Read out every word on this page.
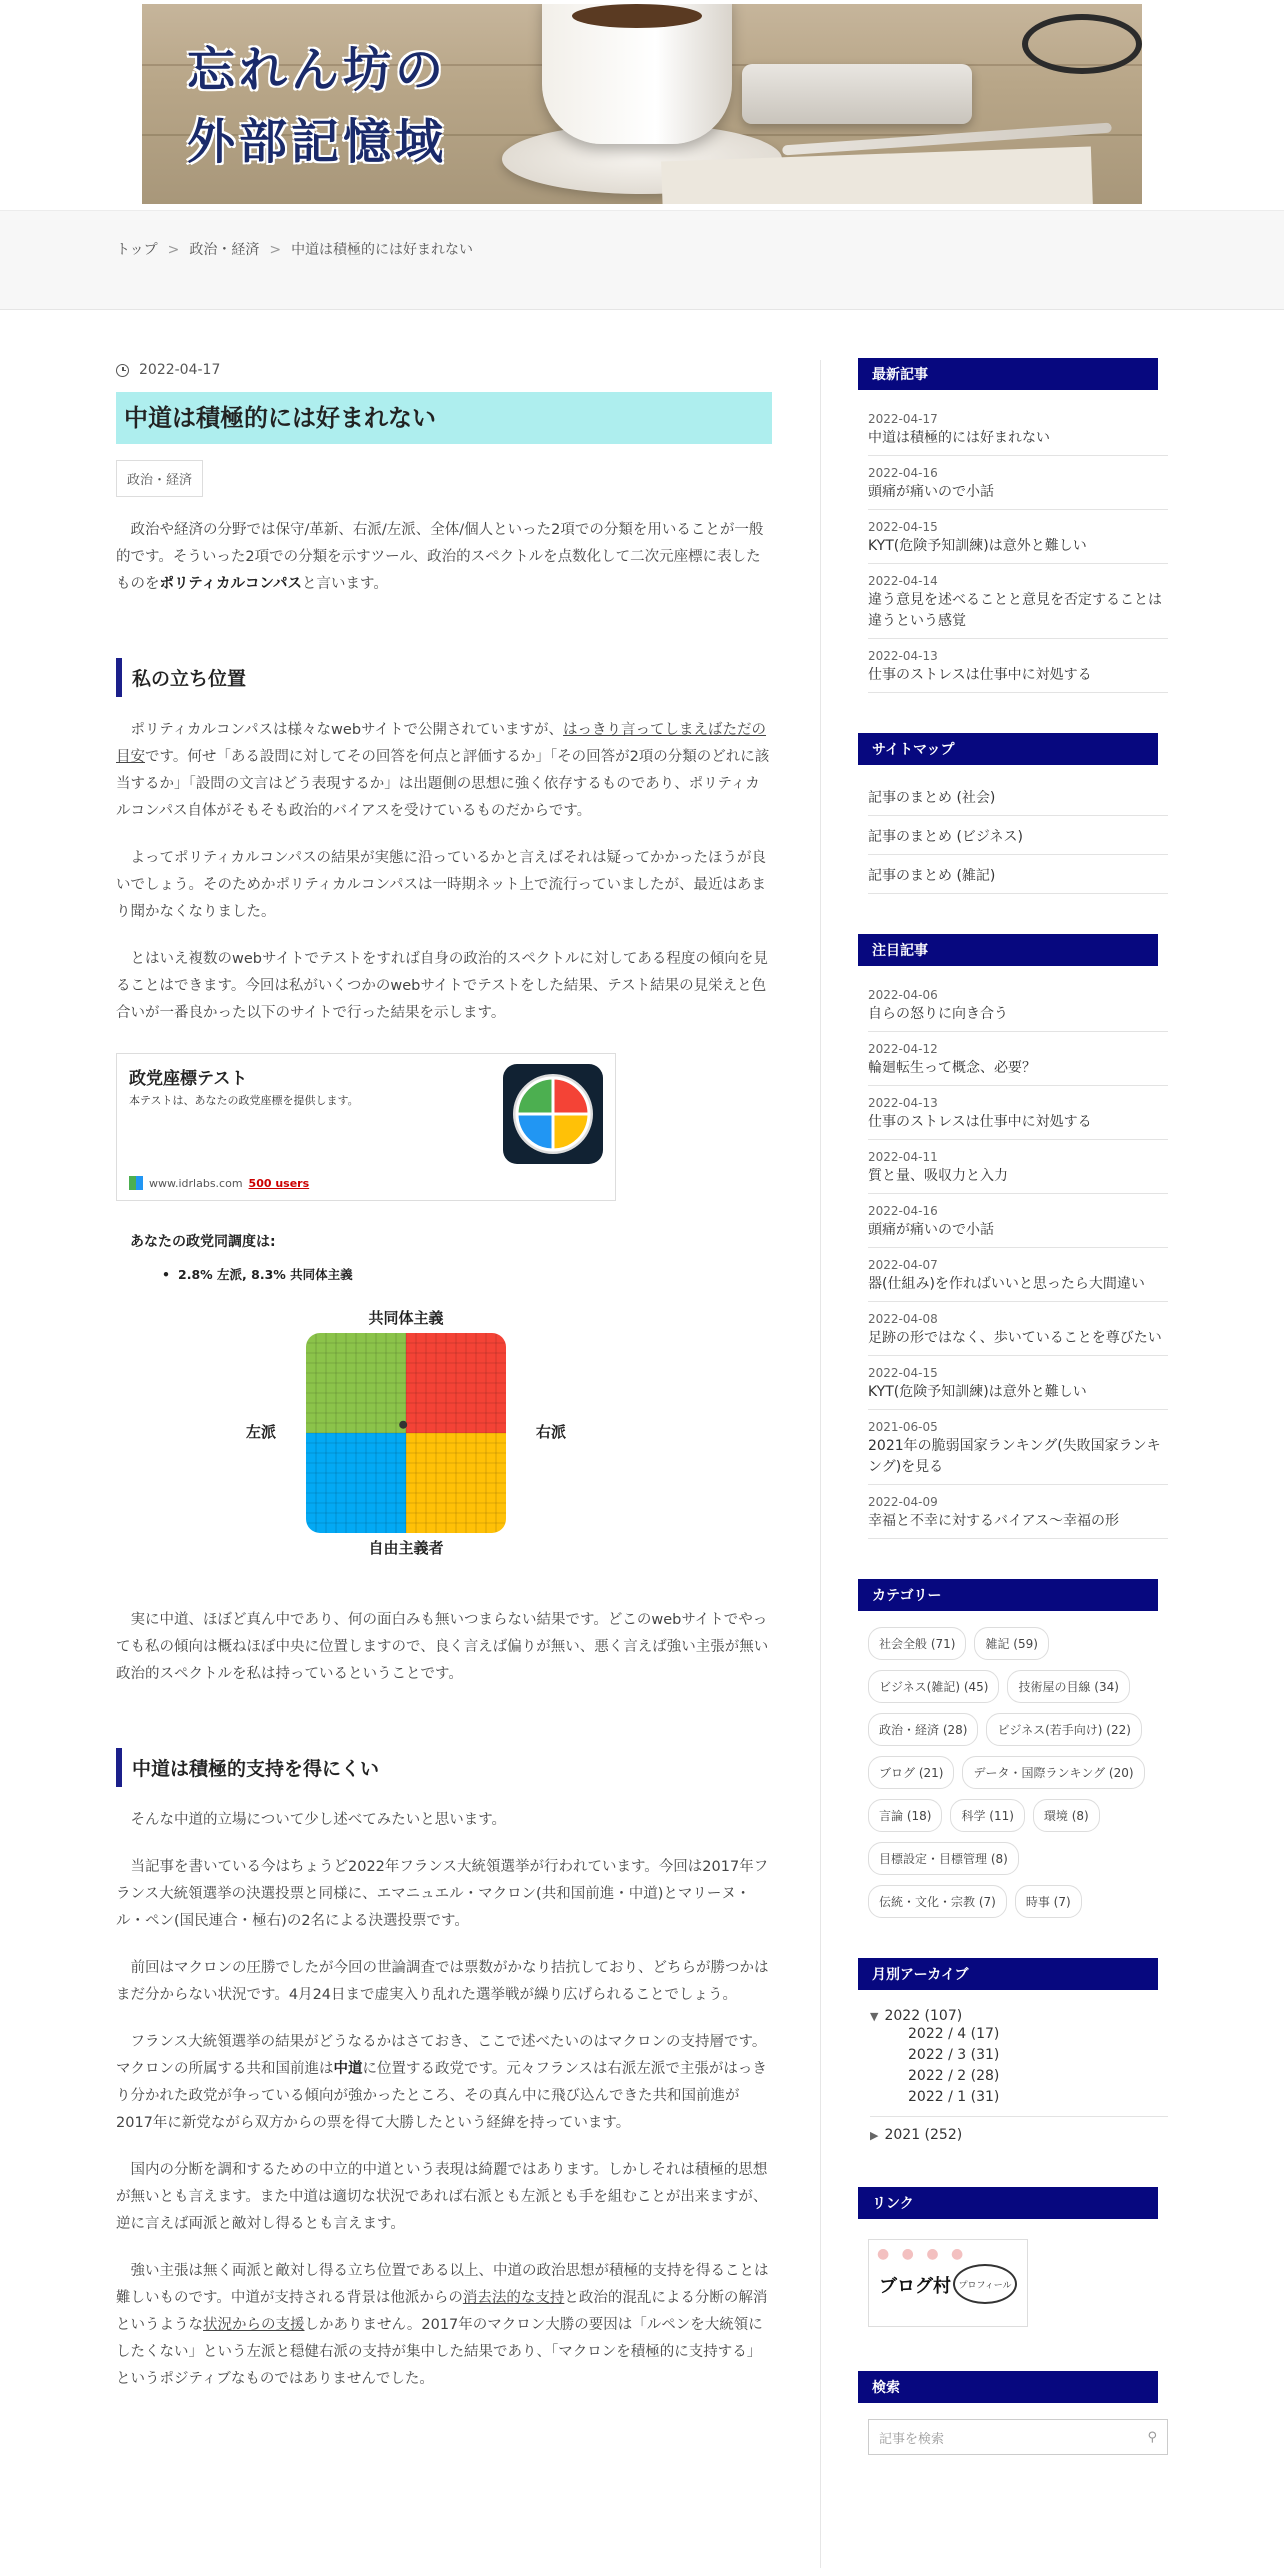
忘れん坊の
外部記憶域
トップ > 政治・経済 > 中道は積極的には好まれない
2022-04-17
中道は積極的には好まれない
政治・経済

政治や経済の分野では保守/革新、右派/左派、全体/個人といった2項での分類を用いることが一般的です。そういった2項での分類を示すツール、政治的スペクトルを点数化して二次元座標に表したものをポリティカルコンパスと言います。

私の立ち位置

ポリティカルコンパスは様々なwebサイトで公開されていますが、はっきり言ってしまえばただの目安です。何せ「ある設問に対してその回答を何点と評価するか」「その回答が2項の分類のどれに該当するか」「設問の文言はどう表現するか」は出題側の思想に強く依存するものであり、ポリティカルコンパス自体がそもそも政治的バイアスを受けているものだからです。

よってポリティカルコンパスの結果が実態に沿っているかと言えばそれは疑ってかかったほうが良いでしょう。そのためかポリティカルコンパスは一時期ネット上で流行っていましたが、最近はあまり聞かなくなりました。

とはいえ複数のwebサイトでテストをすれば自身の政治的スペクトルに対してある程度の傾向を見ることはできます。今回は私がいくつかのwebサイトでテストをした結果、テスト結果の見栄えと色合いが一番良かった以下のサイトで行った結果を示します。

政党座標テスト
本テストは、あなたの政党座標を提供します。
www.idrlabs.com 500 users
あなたの政党同調度は:
• 2.8% 左派, 8.3% 共同体主義
共同体主義
自由主義者
左派	右派

実に中道、ほぼど真ん中であり、何の面白みも無いつまらない結果です。どこのwebサイトでやっても私の傾向は概ねほぼ中央に位置しますので、良く言えば偏りが無い、悪く言えば強い主張が無い政治的スペクトルを私は持っているということです。

中道は積極的支持を得にくい

そんな中道的立場について少し述べてみたいと思います。

当記事を書いている今はちょうど2022年フランス大統領選挙が行われています。今回は2017年フランス大統領選挙の決選投票と同様に、エマニュエル・マクロン(共和国前進・中道)とマリーヌ・ル・ペン(国民連合・極右)の2名による決選投票です。

前回はマクロンの圧勝でしたが今回の世論調査では票数がかなり拮抗しており、どちらが勝つかはまだ分からない状況です。4月24日まで虚実入り乱れた選挙戦が繰り広げられることでしょう。

フランス大統領選挙の結果がどうなるかはさておき、ここで述べたいのはマクロンの支持層です。マクロンの所属する共和国前進は中道に位置する政党です。元々フランスは右派左派で主張がはっきり分かれた政党が争っている傾向が強かったところ、その真ん中に飛び込んできた共和国前進が2017年に新党ながら双方からの票を得て大勝したという経緯を持っています。

国内の分断を調和するための中立的中道という表現は綺麗ではあります。しかしそれは積極的思想が無いとも言えます。また中道は適切な状況であれば右派とも左派とも手を組むことが出来ますが、逆に言えば両派と敵対し得るとも言えます。

強い主張は無く両派と敵対し得る立ち位置である以上、中道の政治思想が積極的支持を得ることは難しいものです。中道が支持される背景は他派からの消去法的な支持と政治的混乱による分断の解消というような状況からの支援しかありません。2017年のマクロン大勝の要因は「ルペンを大統領にしたくない」という左派と穏健右派の支持が集中した結果であり、「マクロンを積極的に支持する」というポジティブなものではありませんでした。

最新記事
2022-04-17
中道は積極的には好まれない
2022-04-16
頭痛が痛いので小話
2022-04-15
KYT(危険予知訓練)は意外と難しい
2022-04-14
違う意見を述べることと意見を否定することは違うという感覚
2022-04-13
仕事のストレスは仕事中に対処する
サイトマップ
記事のまとめ (社会)
記事のまとめ (ビジネス)
記事のまとめ (雑記)
注目記事
2022-04-06
自らの怒りに向き合う
2022-04-12
輪廻転生って概念、必要？
2022-04-13
仕事のストレスは仕事中に対処する
2022-04-11
質と量、吸収力と入力
2022-04-16
頭痛が痛いので小話
2022-04-07
器(仕組み)を作ればいいと思ったら大間違い
2022-04-08
足跡の形ではなく、歩いていることを尊びたい
2022-04-15
KYT(危険予知訓練)は意外と難しい
2021-06-05
2021年の脆弱国家ランキング(失敗国家ランキング)を見る
2022-04-09
幸福と不幸に対するバイアス～幸福の形
カテゴリー
社会全般 (71)	雑記 (59)
ビジネス(雑記) (45)	技術屋の目線 (34)
政治・経済 (28)	ビジネス(若手向け) (22)
ブログ (21)	データ・国際ランキング (20)
言論 (18)	科学 (11)	環境 (8)
目標設定・目標管理 (8)
伝統・文化・宗教 (7)	時事 (7)
月別アーカイブ
▼ 2022 (107)
2022 / 4 (17)
2022 / 3 (31)
2022 / 2 (28)
2022 / 1 (31)
▶ 2021 (252)
リンク
● ● ● ●
ブログ村 プロフィール
検索
記事を検索	⚲
